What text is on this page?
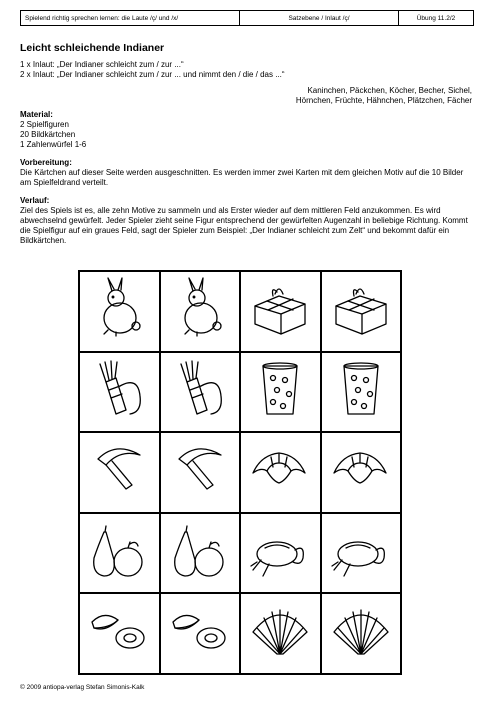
Spielend richtig sprechen lernen: die Laute /ç/ und /x/	Satzebene / Inlaut /ç/	Übung 11.2/2
Leicht schleichende Indianer
1 x Inlaut: „Der Indianer schleicht zum / zur ...“
2 x Inlaut: „Der Indianer schleicht zum / zur ... und nimmt den / die / das ...“
Kaninchen, Päckchen, Köcher, Becher, Sichel,
Hörnchen, Früchte, Hähnchen, Plätzchen, Fächer
Material:
2 Spielfiguren
20 Bildkärtchen
1 Zahlenwürfel 1-6
Vorbereitung:
Die Kärtchen auf dieser Seite werden ausgeschnitten. Es werden immer zwei Karten mit dem gleichen Motiv auf die 10 Bilder am Spielfeldrand verteilt.
Verlauf:
Ziel des Spiels ist es, alle zehn Motive zu sammeln und als Erster wieder auf dem mittleren Feld anzukommen. Es wird abwechselnd gewürfelt. Jeder Spieler zieht seine Figur entsprechend der gewürfelten Augenzahl in beliebige Richtung. Kommt die Spielfigur auf ein graues Feld, sagt der Spieler zum Beispiel: „Der Indianer schleicht zum Zelt“ und bekommt dafür ein Bildkärtchen.
© 2009 antiopa-verlag Stefan Simonis-Kalk
